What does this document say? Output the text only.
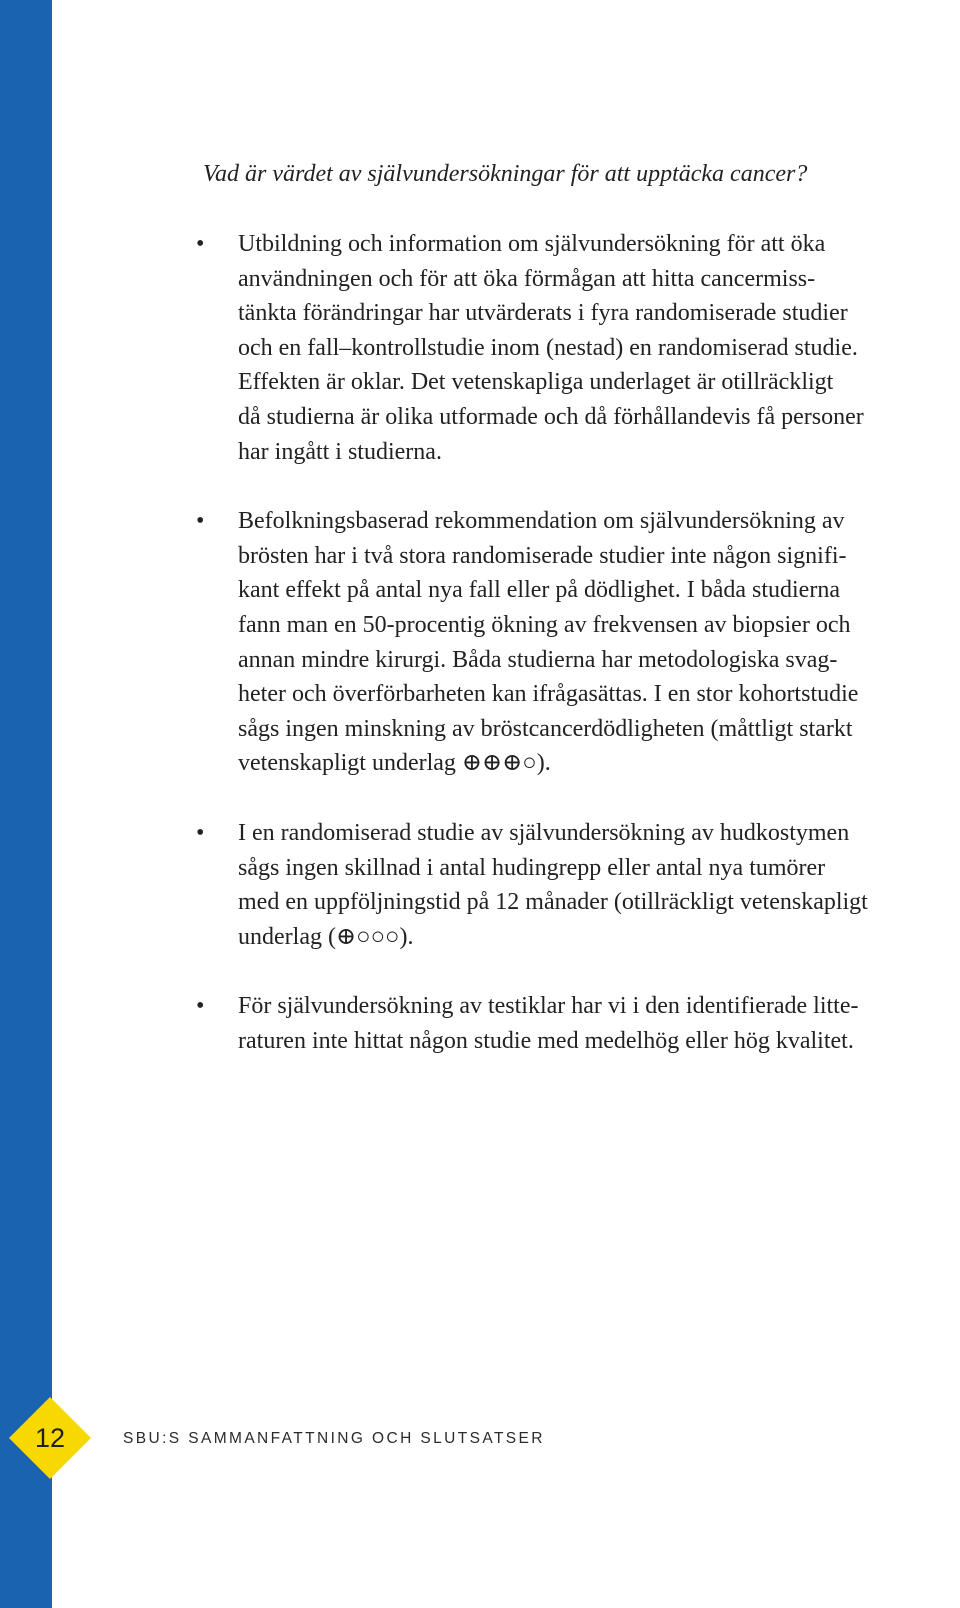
Vad är värdet av självundersökningar för att upptäcka cancer?
• Utbildning och information om självundersökning för att öka
användningen och för att öka förmågan att hitta cancermiss-
tänkta förändringar har utvärderats i fyra randomiserade studier
och en fall–kontrollstudie inom (nestad) en randomiserad studie.
Effekten är oklar. Det vetenskapliga underlaget är otillräckligt
då studierna är olika utformade och då förhållandevis få personer
har ingått i studierna.

• Befolkningsbaserad rekommendation om självundersökning av
brösten har i två stora randomiserade studier inte någon signifi-
kant effekt på antal nya fall eller på dödlighet. I båda studierna
fann man en 50-procentig ökning av frekvensen av biopsier och
annan mindre kirurgi. Båda studierna har metodologiska svag-
heter och överförbarheten kan ifrågasättas. I en stor kohortstudie
sågs ingen minskning av bröstcancerdödligheten (måttligt starkt
vetenskapligt underlag ⊕⊕⊕○).

• I en randomiserad studie av självundersökning av hudkostymen
sågs ingen skillnad i antal hudingrepp eller antal nya tumörer
med en uppföljningstid på 12 månader (otillräckligt vetenskapligt
underlag (⊕○○○).

• För självundersökning av testiklar har vi i den identifierade litte-
raturen inte hittat någon studie med medelhög eller hög kvalitet.

12	SBU:S SAMMANFATTNING OCH SLUTSATSER
